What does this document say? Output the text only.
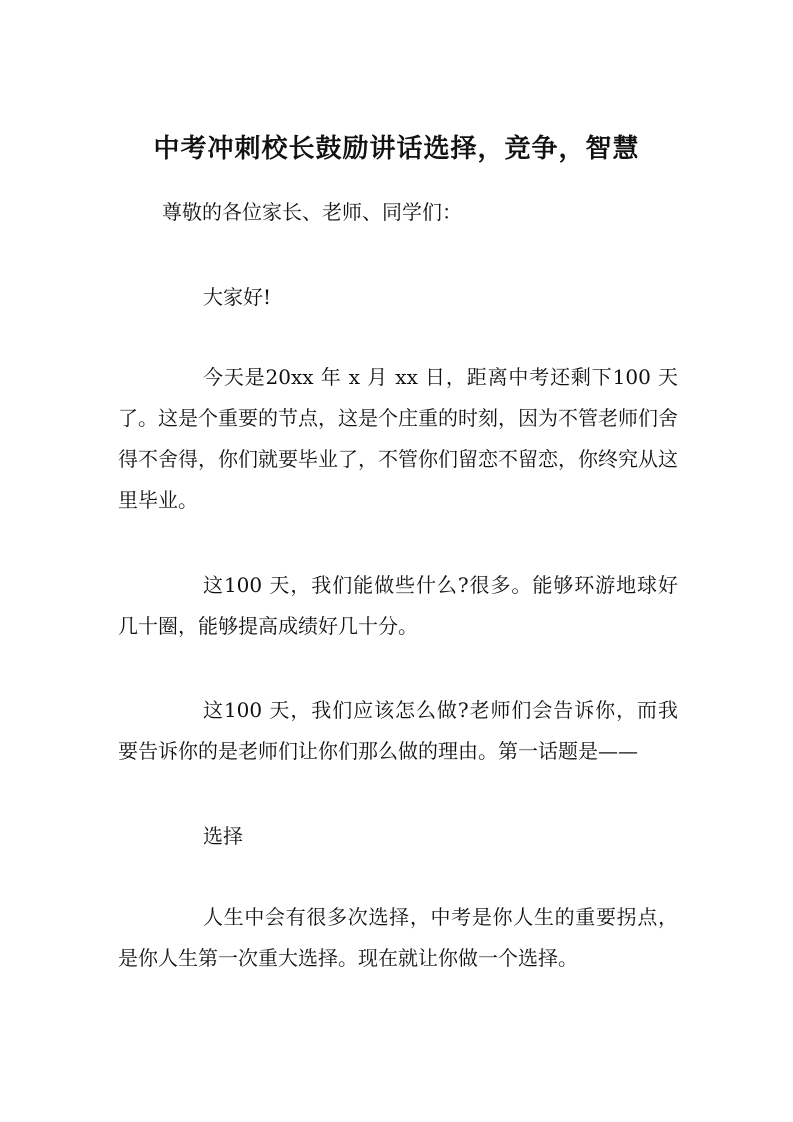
中考冲刺校长鼓励讲话选择，竞争，智慧
尊敬的各位家长、老师、同学们：
大家好!
今天是20xx 年 x 月 xx 日，距离中考还剩下100 天了。这是个重要的节点，这是个庄重的时刻，因为不管老师们舍得不舍得，你们就要毕业了，不管你们留恋不留恋，你终究从这里毕业。
这100 天，我们能做些什么?很多。能够环游地球好几十圈，能够提高成绩好几十分。
这100 天，我们应该怎么做?老师们会告诉你，而我要告诉你的是老师们让你们那么做的理由。第一话题是——
选择
人生中会有很多次选择，中考是你人生的重要拐点，是你人生第一次重大选择。现在就让你做一个选择。
